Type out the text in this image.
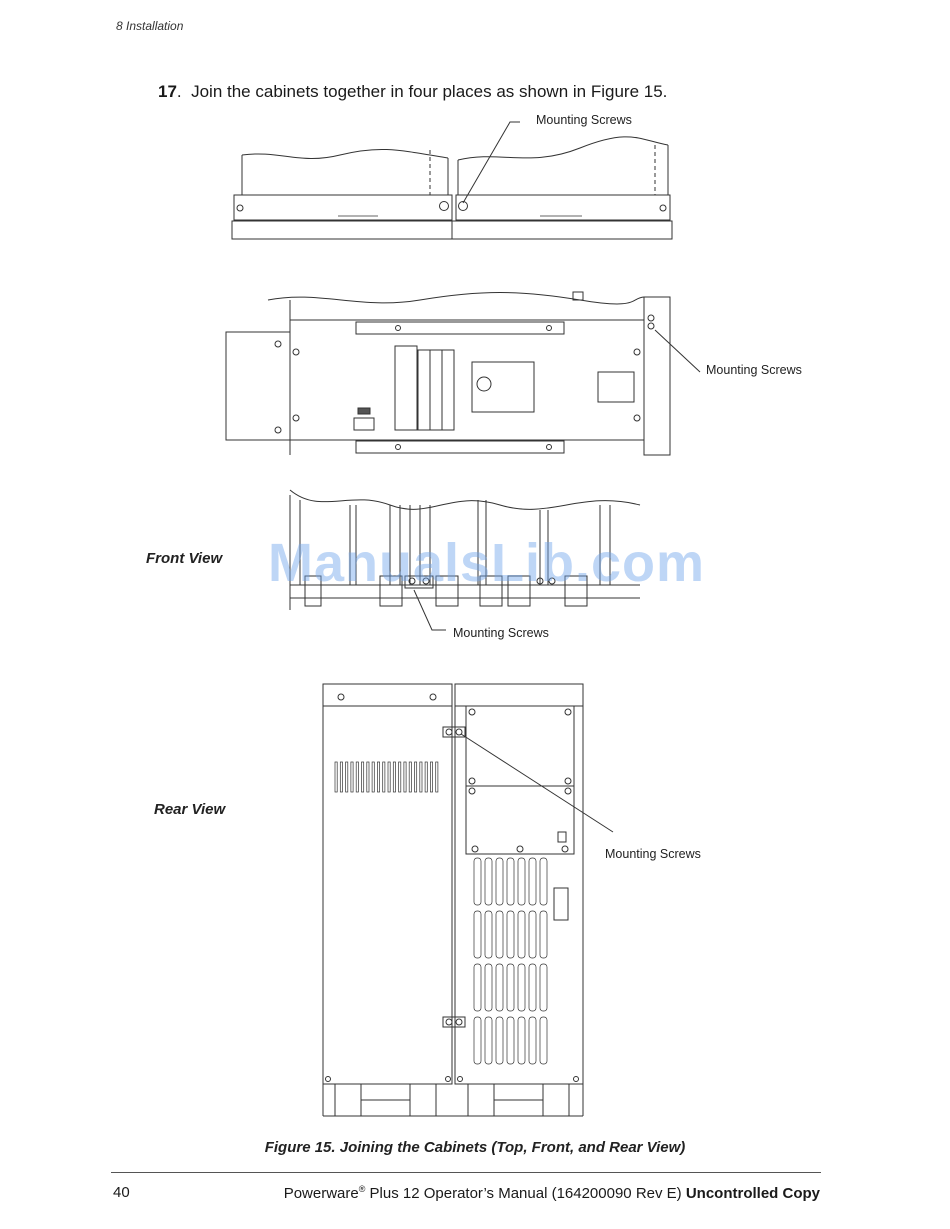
8 Installation
17.  Join the cabinets together in four places as shown in Figure 15.
Mounting Screws
Mounting Screws
Mounting Screws
Mounting Screws
Front View
Rear View
ManualsLib.com
Figure 15. Joining the Cabinets (Top, Front, and Rear View)
40	Powerware® Plus 12 Operator’s Manual (164200090 Rev E) Uncontrolled Copy
